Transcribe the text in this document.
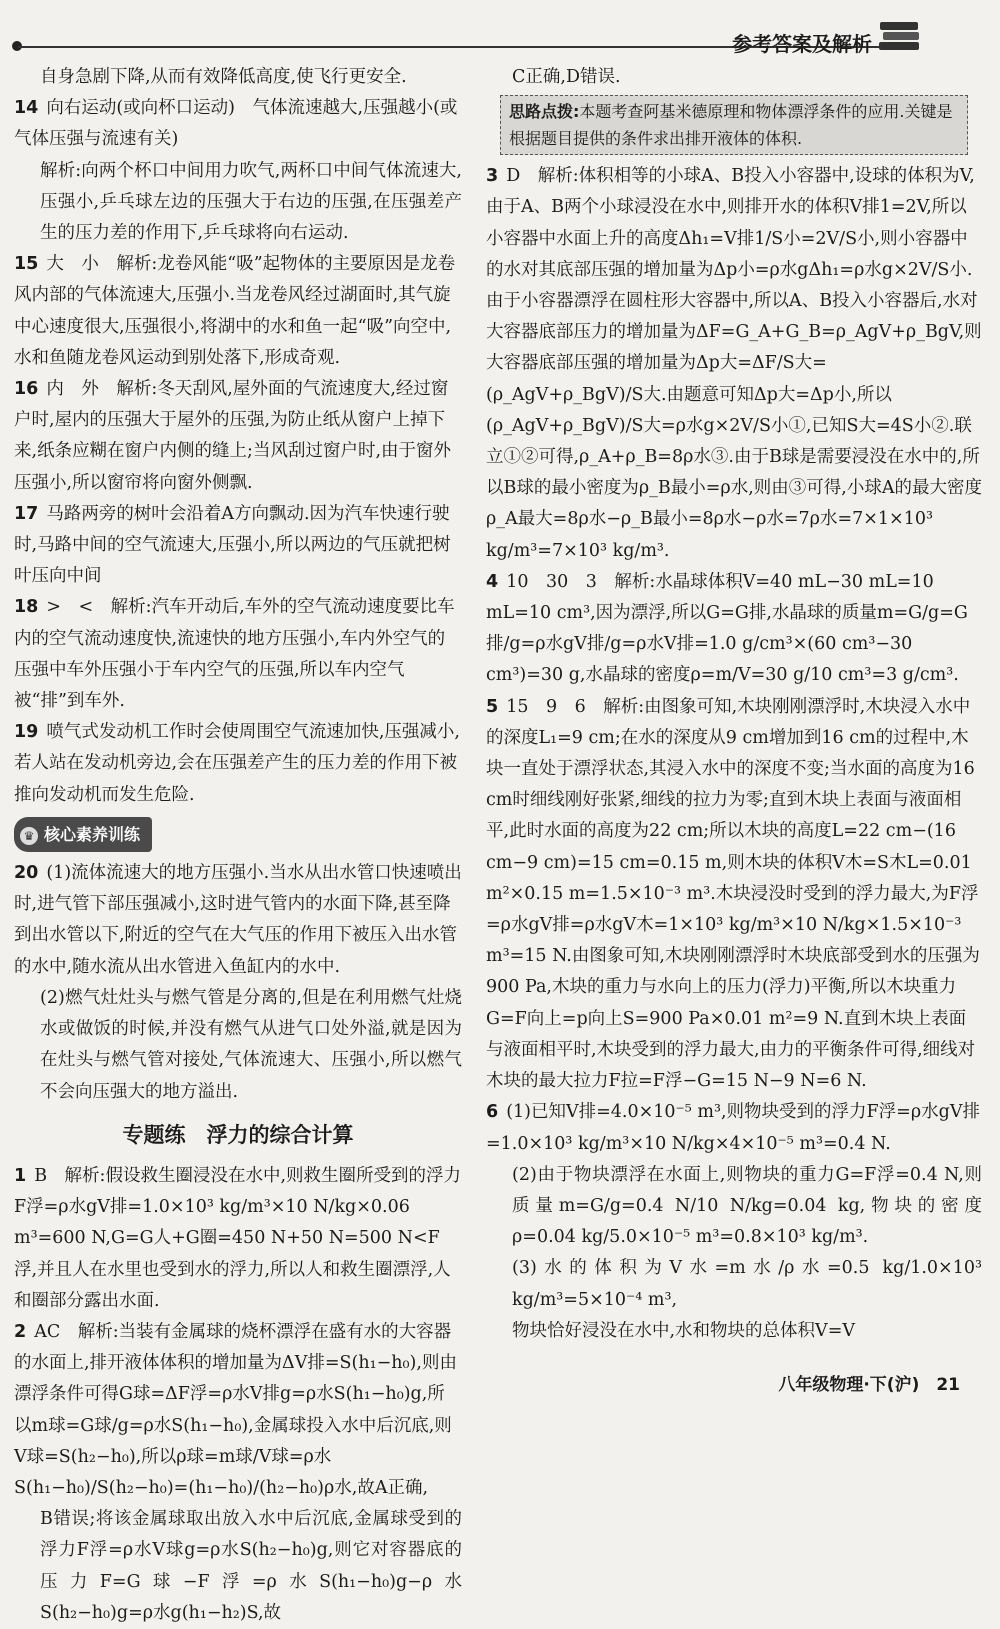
参考答案及解析

自身急剧下降,从而有效降低高度,使飞行更安全.

14 向右运动(或向杯口运动)　气体流速越大,压强越小(或气体压强与流速有关)

解析:向两个杯口中间用力吹气,两杯口中间气体流速大,压强小,乒乓球左边的压强大于右边的压强,在压强差产生的压力差的作用下,乒乓球将向右运动.

15 大　小　解析:龙卷风能“吸”起物体的主要原因是龙卷风内部的气体流速大,压强小.当龙卷风经过湖面时,其气旋中心速度很大,压强很小,将湖中的水和鱼一起“吸”向空中,水和鱼随龙卷风运动到别处落下,形成奇观.

16 内　外　解析:冬天刮风,屋外面的气流速度大,经过窗户时,屋内的压强大于屋外的压强,为防止纸从窗户上掉下来,纸条应糊在窗户内侧的缝上;当风刮过窗户时,由于窗外压强小,所以窗帘将向窗外侧飘.

17 马路两旁的树叶会沿着A方向飘动.因为汽车快速行驶时,马路中间的空气流速大,压强小,所以两边的气压就把树叶压向中间

18 >　<　解析:汽车开动后,车外的空气流动速度要比车内的空气流动速度快,流速快的地方压强小,车内外空气的压强中车外压强小于车内空气的压强,所以车内空气被“排”到车外.

19 喷气式发动机工作时会使周围空气流速加快,压强减小,若人站在发动机旁边,会在压强差产生的压力差的作用下被推向发动机而发生危险.

♛ 核心素养训练

20 (1)流体流速大的地方压强小.当水从出水管口快速喷出时,进气管下部压强减小,这时进气管内的水面下降,甚至降到出水管以下,附近的空气在大气压的作用下被压入出水管的水中,随水流从出水管进入鱼缸内的水中.

(2)燃气灶灶头与燃气管是分离的,但是在利用燃气灶烧水或做饭的时候,并没有燃气从进气口处外溢,就是因为在灶头与燃气管对接处,气体流速大、压强小,所以燃气不会向压强大的地方溢出.

专题练　浮力的综合计算

1 B　解析:假设救生圈浸没在水中,则救生圈所受到的浮力F浮=ρ水gV排=1.0×10³ kg/m³×10 N/kg×0.06 m³=600 N,G=G人+G圈=450 N+50 N=500 N<F浮,并且人在水里也受到水的浮力,所以人和救生圈漂浮,人和圈部分露出水面.

2 AC　解析:当装有金属球的烧杯漂浮在盛有水的大容器的水面上,排开液体体积的增加量为ΔV排=S(h₁−h₀),则由漂浮条件可得G球=ΔF浮=ρ水V排g=ρ水S(h₁−h₀)g,所以m球=G球/g=ρ水S(h₁−h₀),金属球投入水中后沉底,则V球=S(h₂−h₀),所以ρ球=m球/V球=ρ水S(h₁−h₀)/S(h₂−h₀)=(h₁−h₀)/(h₂−h₀)ρ水,故A正确,

B错误;将该金属球取出放入水中后沉底,金属球受到的浮力F浮=ρ水V球g=ρ水S(h₂−h₀)g,则它对容器底的压力F=G球−F浮=ρ水S(h₁−h₀)g−ρ水S(h₂−h₀)g=ρ水g(h₁−h₂)S,故

C正确,D错误.

思路点拨:本题考查阿基米德原理和物体漂浮条件的应用.关键是根据题目提供的条件求出排开液体的体积.

3 D　解析:体积相等的小球A、B投入小容器中,设球的体积为V,由于A、B两个小球浸没在水中,则排开水的体积V排1=2V,所以小容器中水面上升的高度Δh₁=V排1/S小=2V/S小,则小容器中的水对其底部压强的增加量为Δp小=ρ水gΔh₁=ρ水g×2V/S小.由于小容器漂浮在圆柱形大容器中,所以A、B投入小容器后,水对大容器底部压力的增加量为ΔF=G_A+G_B=ρ_AgV+ρ_BgV,则大容器底部压强的增加量为Δp大=ΔF/S大=(ρ_AgV+ρ_BgV)/S大.由题意可知Δp大=Δp小,所以(ρ_AgV+ρ_BgV)/S大=ρ水g×2V/S小①,已知S大=4S小②.联立①②可得,ρ_A+ρ_B=8ρ水③.由于B球是需要浸没在水中的,所以B球的最小密度为ρ_B最小=ρ水,则由③可得,小球A的最大密度ρ_A最大=8ρ水−ρ_B最小=8ρ水−ρ水=7ρ水=7×1×10³ kg/m³=7×10³ kg/m³.

4 10　30　3　解析:水晶球体积V=40 mL−30 mL=10 mL=10 cm³,因为漂浮,所以G=G排,水晶球的质量m=G/g=G排/g=ρ水gV排/g=ρ水V排=1.0 g/cm³×(60 cm³−30 cm³)=30 g,水晶球的密度ρ=m/V=30 g/10 cm³=3 g/cm³.

5 15　9　6　解析:由图象可知,木块刚刚漂浮时,木块浸入水中的深度L₁=9 cm;在水的深度从9 cm增加到16 cm的过程中,木块一直处于漂浮状态,其浸入水中的深度不变;当水面的高度为16 cm时细线刚好张紧,细线的拉力为零;直到木块上表面与液面相平,此时水面的高度为22 cm;所以木块的高度L=22 cm−(16 cm−9 cm)=15 cm=0.15 m,则木块的体积V木=S木L=0.01 m²×0.15 m=1.5×10⁻³ m³.木块浸没时受到的浮力最大,为F浮=ρ水gV排=ρ水gV木=1×10³ kg/m³×10 N/kg×1.5×10⁻³ m³=15 N.由图象可知,木块刚刚漂浮时木块底部受到水的压强为900 Pa,木块的重力与水向上的压力(浮力)平衡,所以木块重力G=F向上=p向上S=900 Pa×0.01 m²=9 N.直到木块上表面与液面相平时,木块受到的浮力最大,由力的平衡条件可得,细线对木块的最大拉力F拉=F浮−G=15 N−9 N=6 N.

6 (1)已知V排=4.0×10⁻⁵ m³,则物块受到的浮力F浮=ρ水gV排=1.0×10³ kg/m³×10 N/kg×4×10⁻⁵ m³=0.4 N.

(2)由于物块漂浮在水面上,则物块的重力G=F浮=0.4 N,则质量m=G/g=0.4 N/10 N/kg=0.04 kg,物块的密度ρ=0.04 kg/5.0×10⁻⁵ m³=0.8×10³ kg/m³.

(3)水的体积为V水=m水/ρ水=0.5 kg/1.0×10³ kg/m³=5×10⁻⁴ m³,

物块恰好浸没在水中,水和物块的总体积V=V

八年级物理·下(沪)　21
